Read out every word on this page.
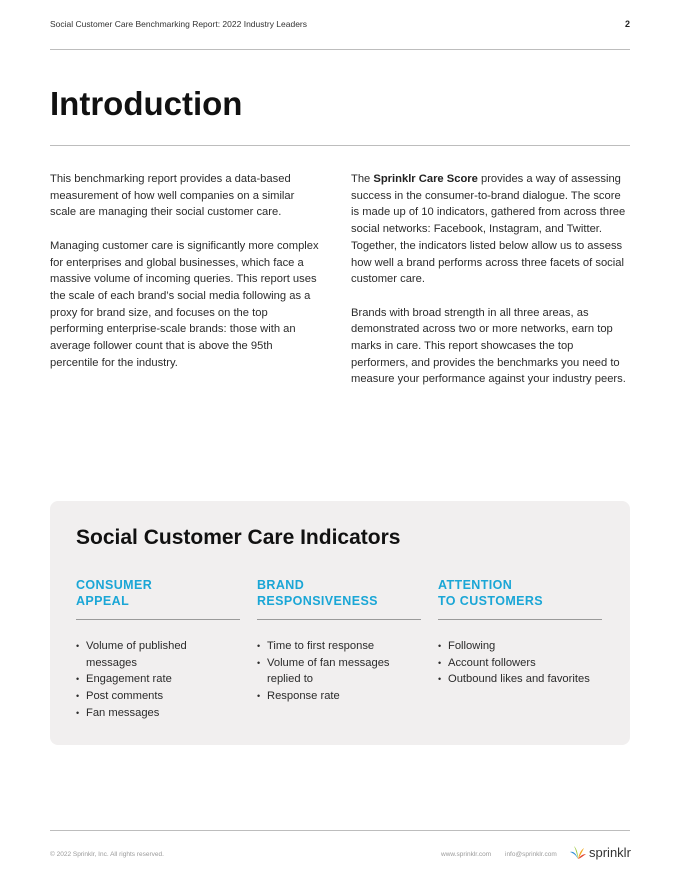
Social Customer Care Benchmarking Report: 2022 Industry Leaders	2
Introduction

This benchmarking report provides a data-based measurement of how well companies on a similar scale are managing their social customer care.

Managing customer care is significantly more complex for enterprises and global businesses, which face a massive volume of incoming queries. This report uses the scale of each brand’s social media following as a proxy for brand size, and focuses on the top performing enterprise-scale brands: those with an average follower count that is above the 95th percentile for the industry.

The Sprinklr Care Score provides a way of assessing success in the consumer-to-brand dialogue. The score is made up of 10 indicators, gathered from across three social networks: Facebook, Instagram, and Twitter. Together, the indicators listed below allow us to assess how well a brand performs across three facets of social customer care.

Brands with broad strength in all three areas, as demonstrated across two or more networks, earn top marks in care. This report showcases the top performers, and provides the benchmarks you need to measure your performance against your industry peers.

Social Customer Care Indicators
CONSUMER
APPEAL
• Volume of published messages
• Engagement rate
• Post comments
• Fan messages
BRAND
RESPONSIVENESS
• Time to first response
• Volume of fan messages replied to
• Response rate
ATTENTION
TO CUSTOMERS
• Following
• Account followers
• Outbound likes and favorites
© 2022 Sprinklr, Inc. All rights reserved.	www.sprinklr.com info@sprinklr.com sprinklr
